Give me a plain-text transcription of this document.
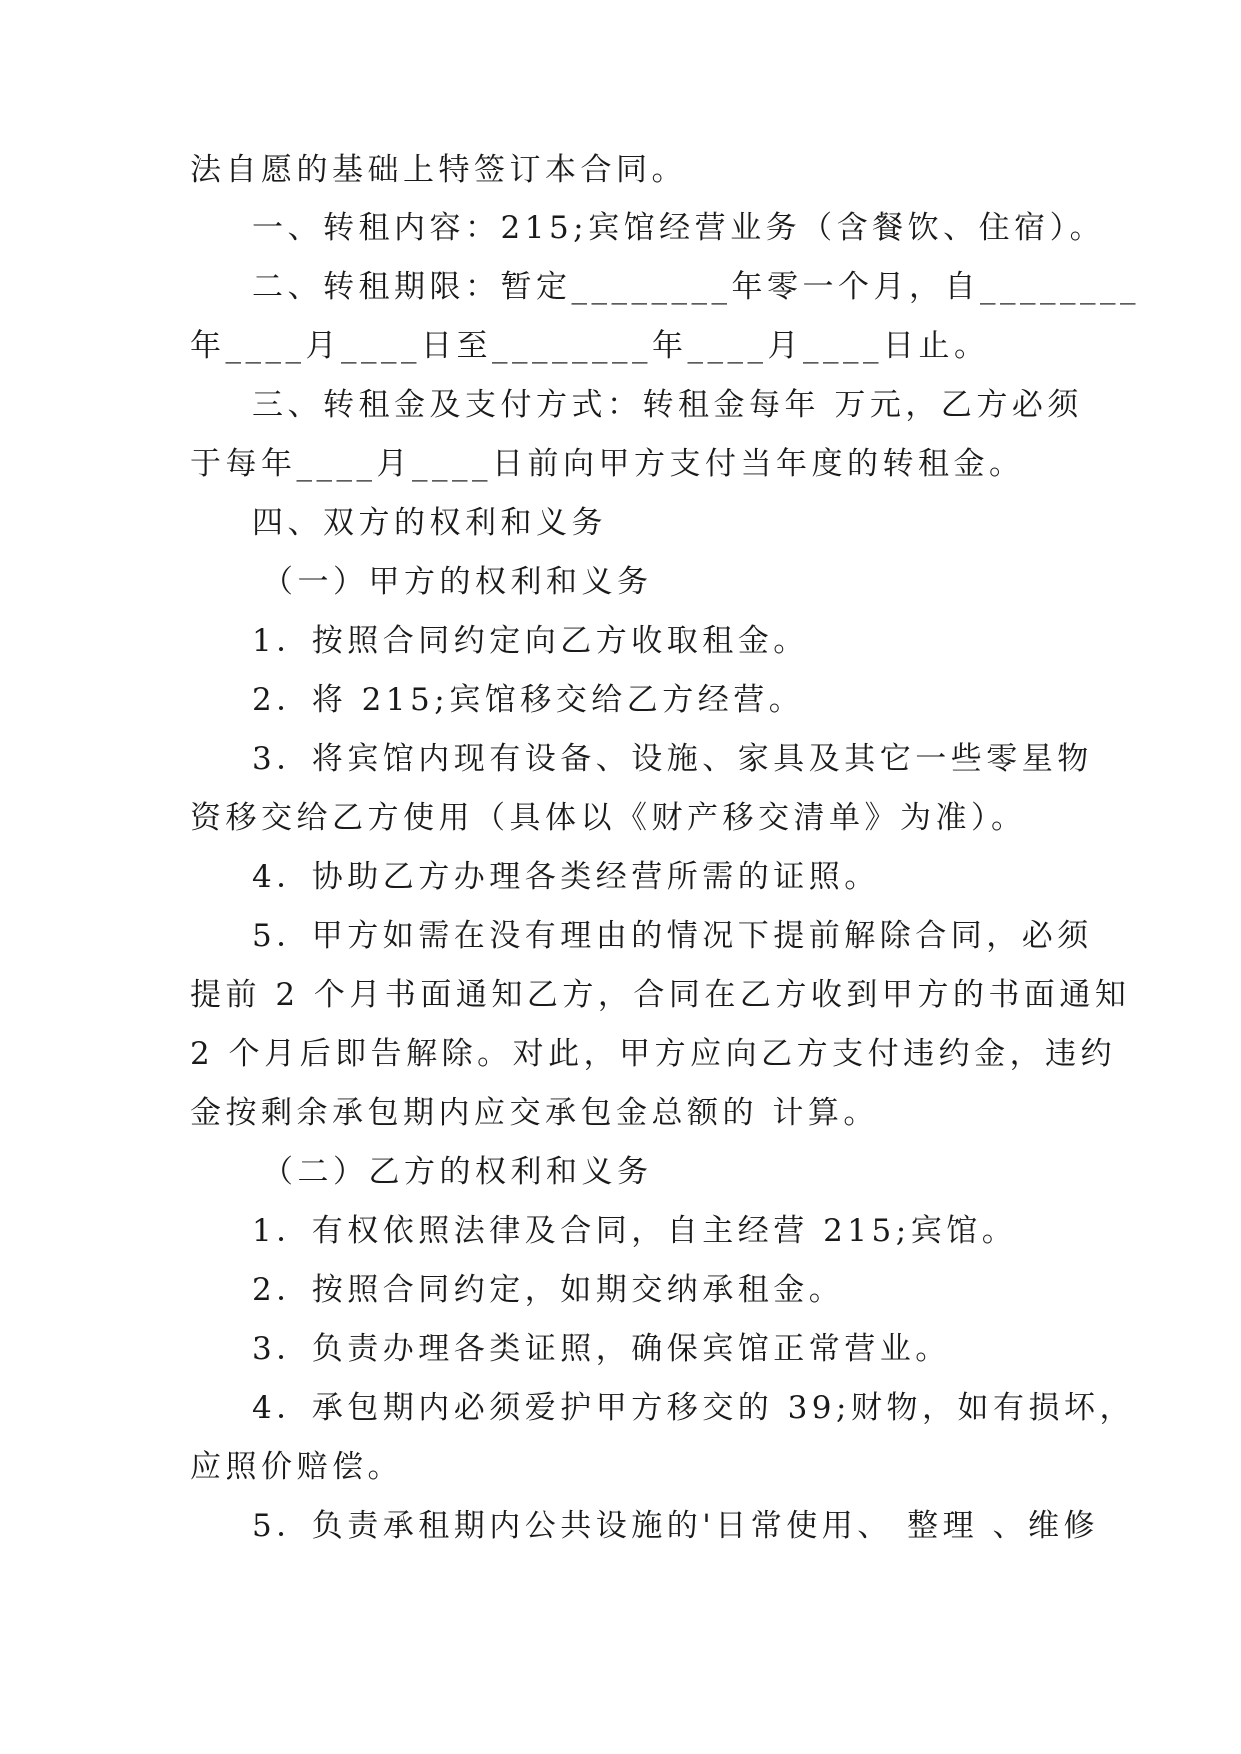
法自愿的基础上特签订本合同。
一、转租内容：215;宾馆经营业务（含餐饮、住宿）。
二、转租期限：暂定________年零一个月，自________
年____月____日至________年____月____日止。
三、转租金及支付方式：转租金每年 万元，乙方必须
于每年____月____日前向甲方支付当年度的转租金。
四、双方的权利和义务
（一）甲方的权利和义务
1．按照合同约定向乙方收取租金。
2．将 215;宾馆移交给乙方经营。
3．将宾馆内现有设备、设施、家具及其它一些零星物
资移交给乙方使用（具体以《财产移交清单》为准）。
4．协助乙方办理各类经营所需的证照。
5．甲方如需在没有理由的情况下提前解除合同，必须
提前 2 个月书面通知乙方，合同在乙方收到甲方的书面通知
2 个月后即告解除。对此，甲方应向乙方支付违约金，违约
金按剩余承包期内应交承包金总额的 计算。
（二）乙方的权利和义务
1．有权依照法律及合同，自主经营 215;宾馆。
2．按照合同约定，如期交纳承租金。
3．负责办理各类证照，确保宾馆正常营业。
4．承包期内必须爱护甲方移交的 39;财物，如有损坏，
应照价赔偿。
5．负责承租期内公共设施的'日常使用、 整理 、维修
